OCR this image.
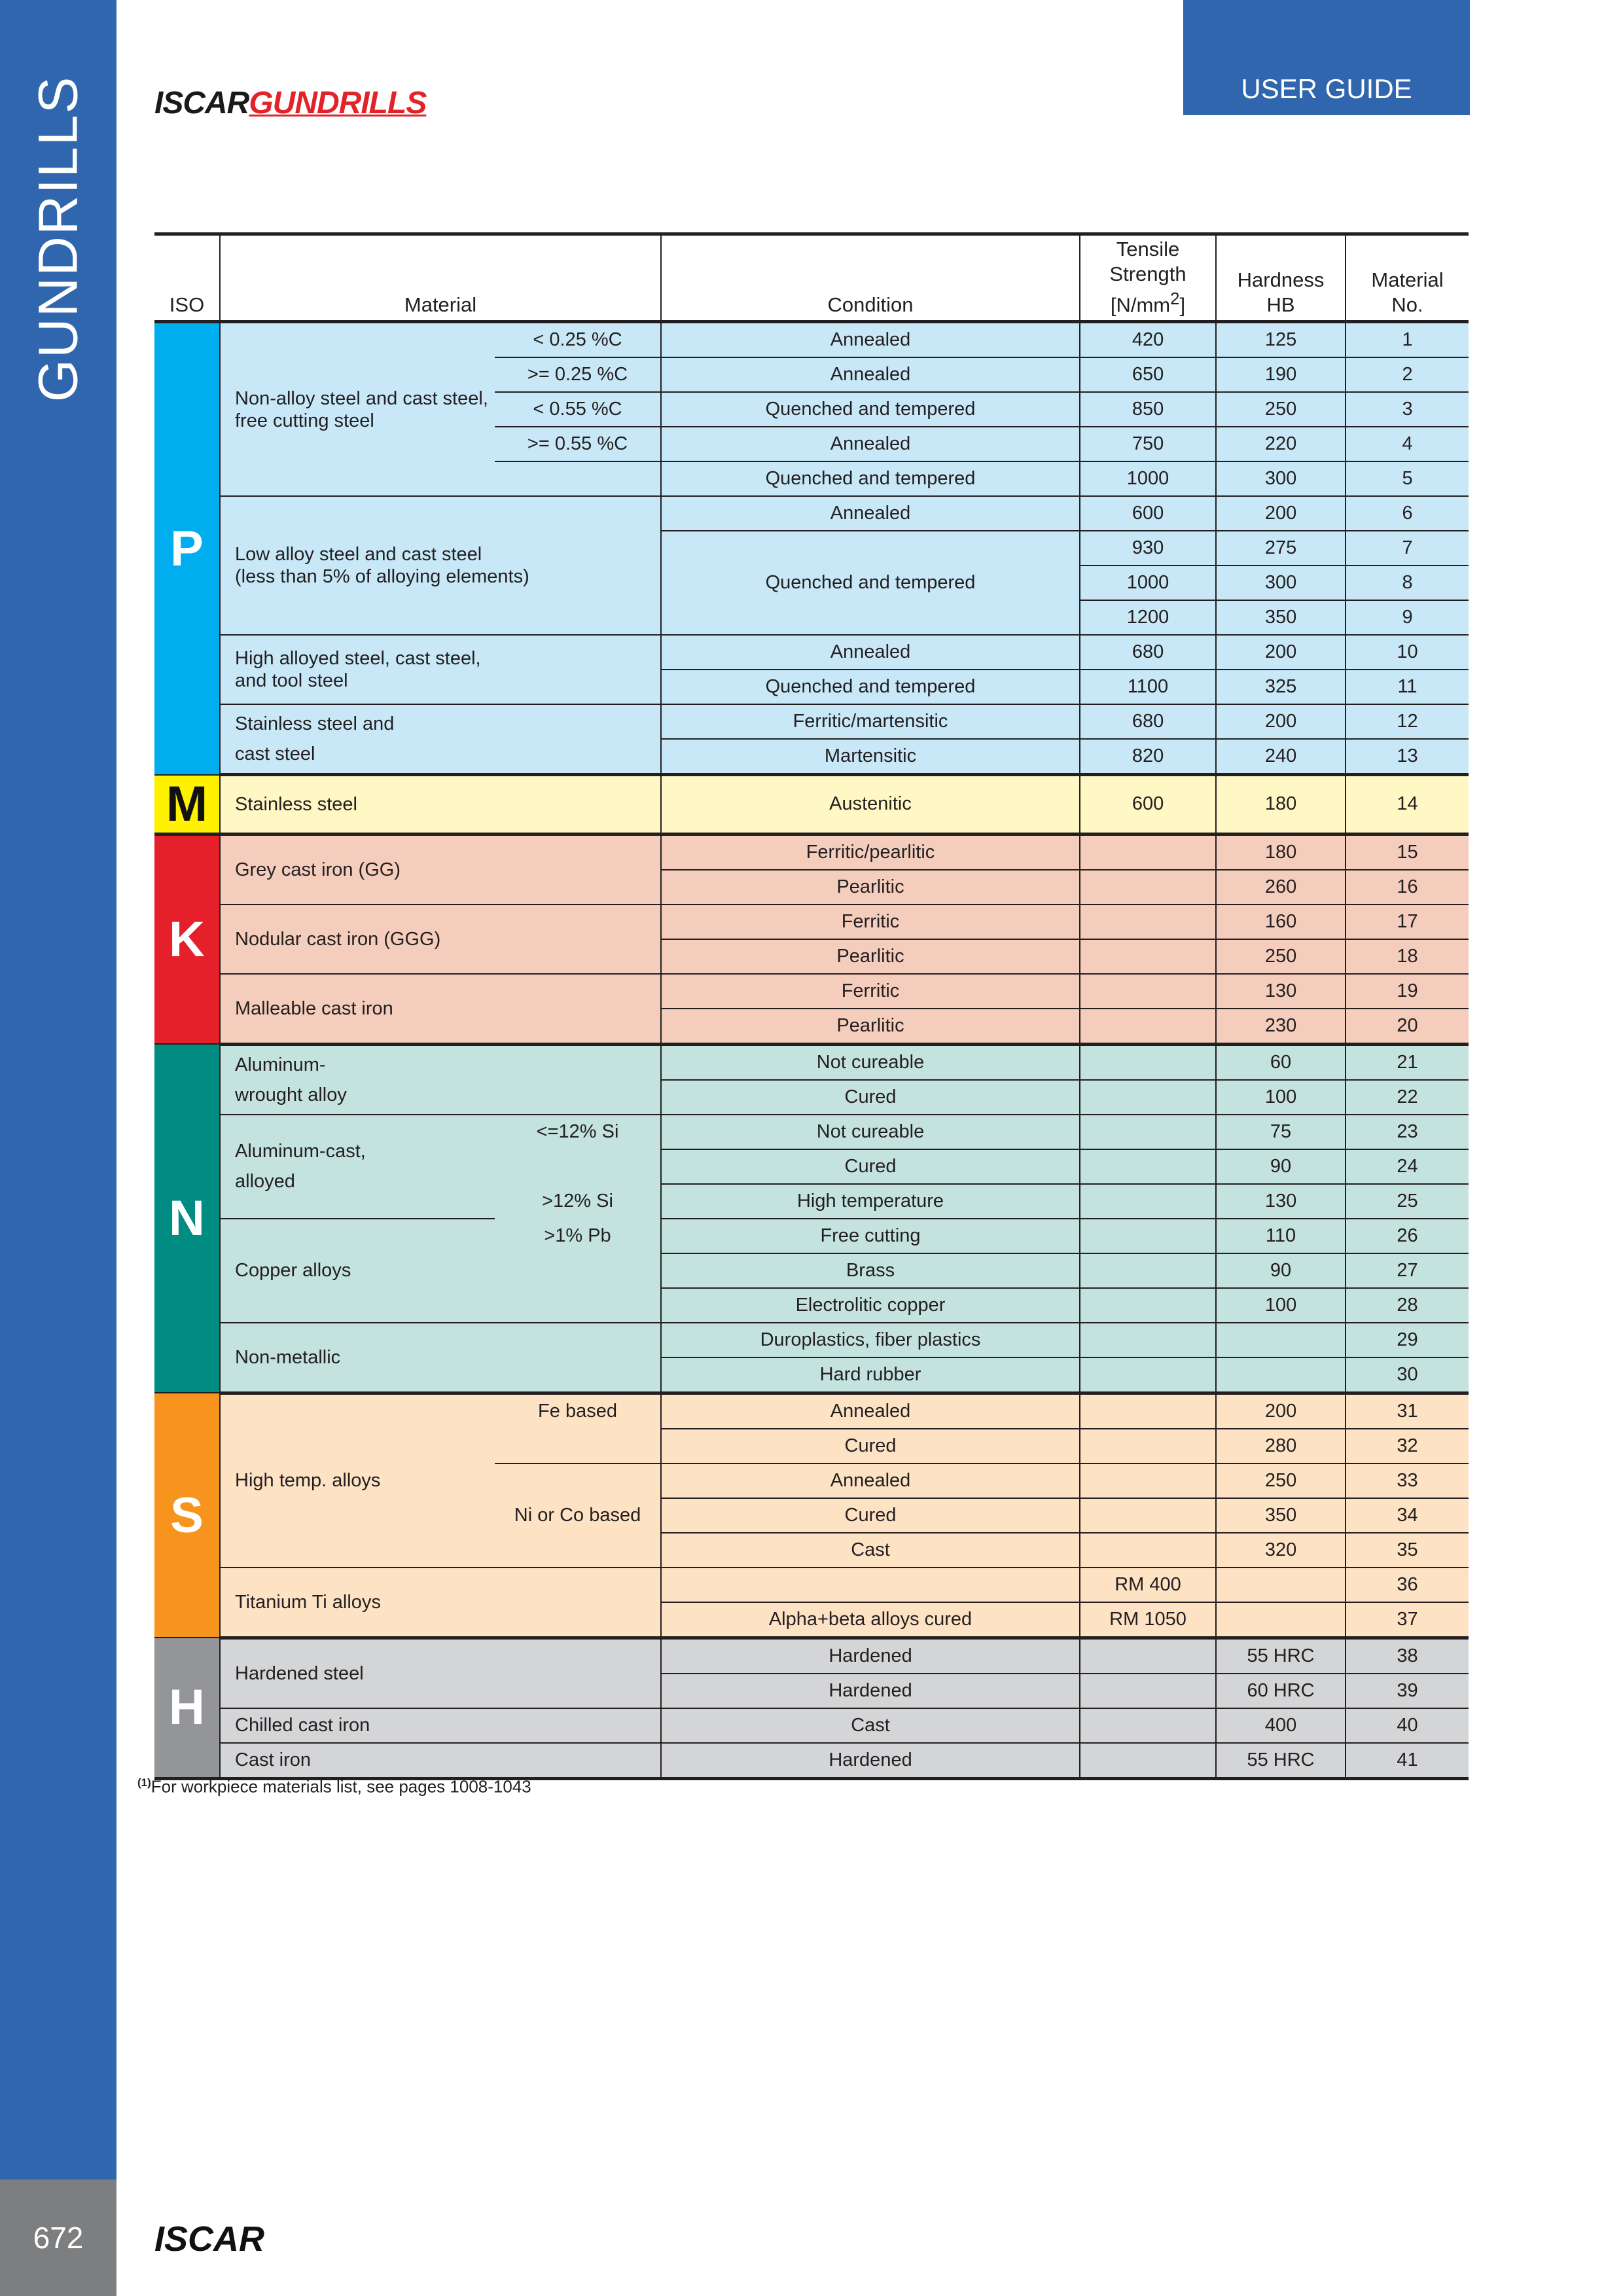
GUNDRILLS
672
USER GUIDE
ISCARGUNDRILLS
ISO	Material		Condition	Tensile
Strength
$[N/mm^2]$	Hardness
HB	Material
No.
P	Non-alloy steel and cast steel,
free cutting steel	< 0.25 %C	Annealed	420	125	1
		>= 0.25 %C	Annealed	650	190	2
		< 0.55 %C	Quenched and tempered	850	250	3
		>= 0.55 %C	Annealed	750	220	4
			Quenched and tempered	1000	300	5
	Low alloy steel and cast steel
(less than 5% of alloying elements)		Annealed	600	200	6
			Quenched and tempered	930	275	7
				1000	300	8
				1200	350	9
	High alloyed steel, cast steel,
and tool steel		Annealed	680	200	10
			Quenched and tempered	1100	325	11
	Stainless steel and
cast steel		Ferritic/martensitic	680	200	12
			Martensitic	820	240	13
M	Stainless steel		Austenitic	600	180	14
K	Grey cast iron (GG)		Ferritic/pearlitic		180	15
			Pearlitic		260	16
	Nodular cast iron (GGG)		Ferritic		160	17
			Pearlitic		250	18
	Malleable cast iron		Ferritic		130	19
			Pearlitic		230	20
N	Aluminum-
wrought alloy		Not cureable		60	21
			Cured		100	22
	Aluminum-cast,
alloyed	<=12% Si	Not cureable		75	23
			Cured		90	24
		>12% Si	High temperature		130	25
	Copper alloys	>1% Pb	Free cutting		110	26
			Brass		90	27
			Electrolitic copper		100	28
	Non-metallic		Duroplastics, fiber plastics			29
			Hard rubber			30
S	High temp. alloys	Fe based	Annealed		200	31
			Cured		280	32
			Annealed		250	33
		Ni or Co based	Cured		350	34
			Cast		320	35
	Titanium Ti alloys			RM 400		36
			Alpha+beta alloys cured	RM 1050		37
H	Hardened steel		Hardened		55 HRC	38
			Hardened		60 HRC	39
	Chilled cast iron		Cast		400	40
	Cast iron		Hardened		55 HRC	41
$^{(1)}$For workpiece materials list, see pages 1008-1043
ISCAR
